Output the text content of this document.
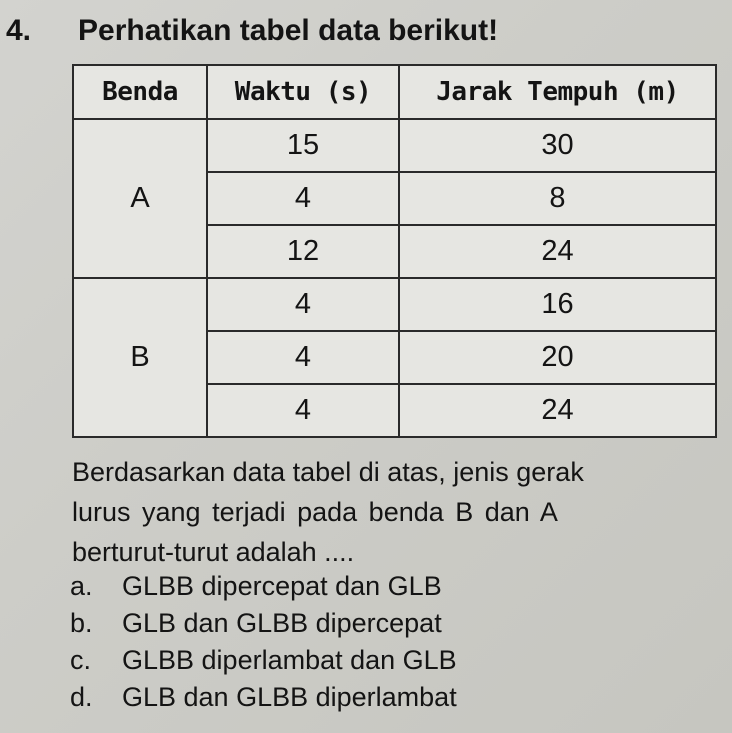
4.	Perhatikan tabel data berikut!
Benda	Waktu (s)	Jarak Tempuh (m)
A	15	30
	4	8
	12	24
B	4	16
	4	20
	4	24

Berdasarkan data tabel di atas, jenis gerak

lurus yang terjadi pada benda B dan A

berturut-turut adalah ....

a.	GLBB dipercepat dan GLB
b.	GLB dan GLBB dipercepat
c.	GLBB diperlambat dan GLB
d.	GLB dan GLBB diperlambat
